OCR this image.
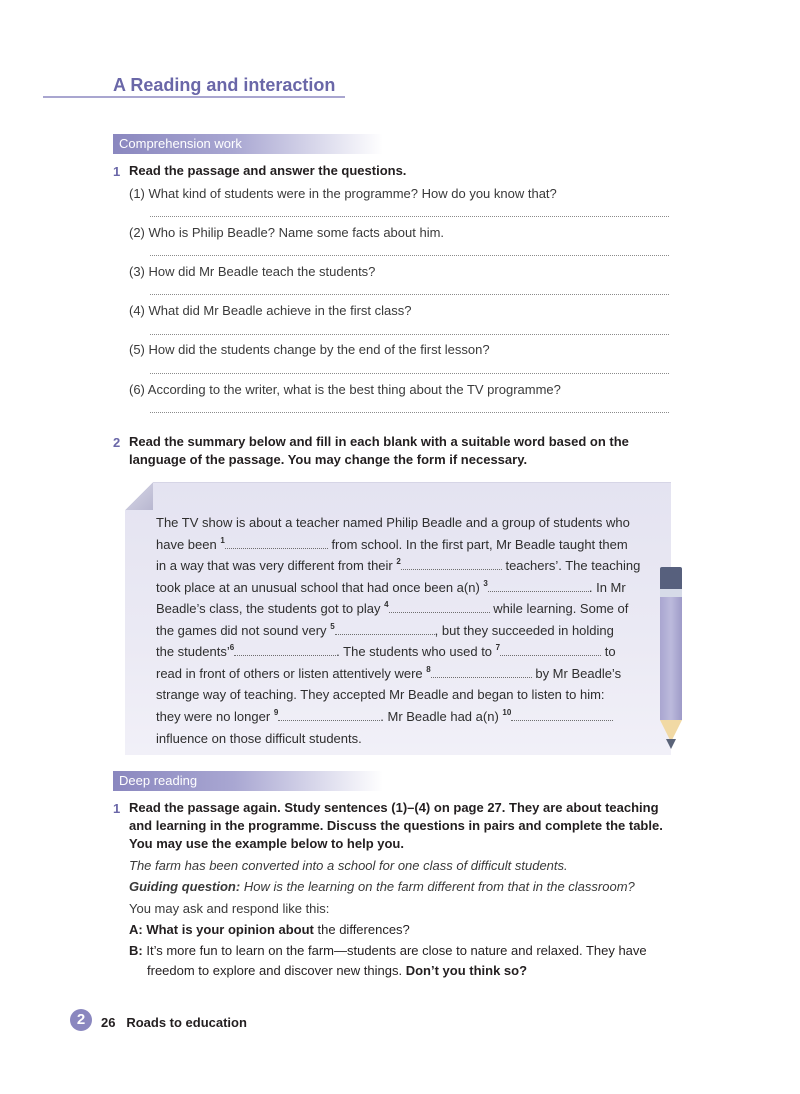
A Reading and interaction
Comprehension work
1 Read the passage and answer the questions.
(1) What kind of students were in the programme? How do you know that?
(2) Who is Philip Beadle? Name some facts about him.
(3) How did Mr Beadle teach the students?
(4) What did Mr Beadle achieve in the first class?
(5) How did the students change by the end of the first lesson?
(6) According to the writer, what is the best thing about the TV programme?
2 Read the summary below and fill in each blank with a suitable word based on the
language of the passage. You may change the form if necessary.
The TV show is about a teacher named Philip Beadle and a group of students who
have been $^1$	from school. In the first part, Mr Beadle taught them
in a way that was very different from their $^2$	teachers’. The teaching
took place at an unusual school that had once been a(n) $^3$	. In Mr
Beadle’s class, the students got to play $^4$	while learning. Some of
the games did not sound very $^5$	, but they succeeded in holding
the students’$^6$	. The students who used to $^7$	to
read in front of others or listen attentively were $^8$	by Mr Beadle’s
strange way of teaching. They accepted Mr Beadle and began to listen to him:
they were no longer $^9$	. Mr Beadle had a(n) $^{10}$
influence on those difficult students.
Deep reading
1 Read the passage again. Study sentences (1)–(4) on page 27. They are about teaching
and learning in the programme. Discuss the questions in pairs and complete the table.
You may use the example below to help you.
The farm has been converted into a school for one class of difficult students.
Guiding question: How is the learning on the farm different from that in the classroom?
You may ask and respond like this:
A: What is your opinion about the differences?
B: It’s more fun to learn on the farm—students are close to nature and relaxed. They have
freedom to explore and discover new things. Don’t you think so?
2	26 Roads to education
